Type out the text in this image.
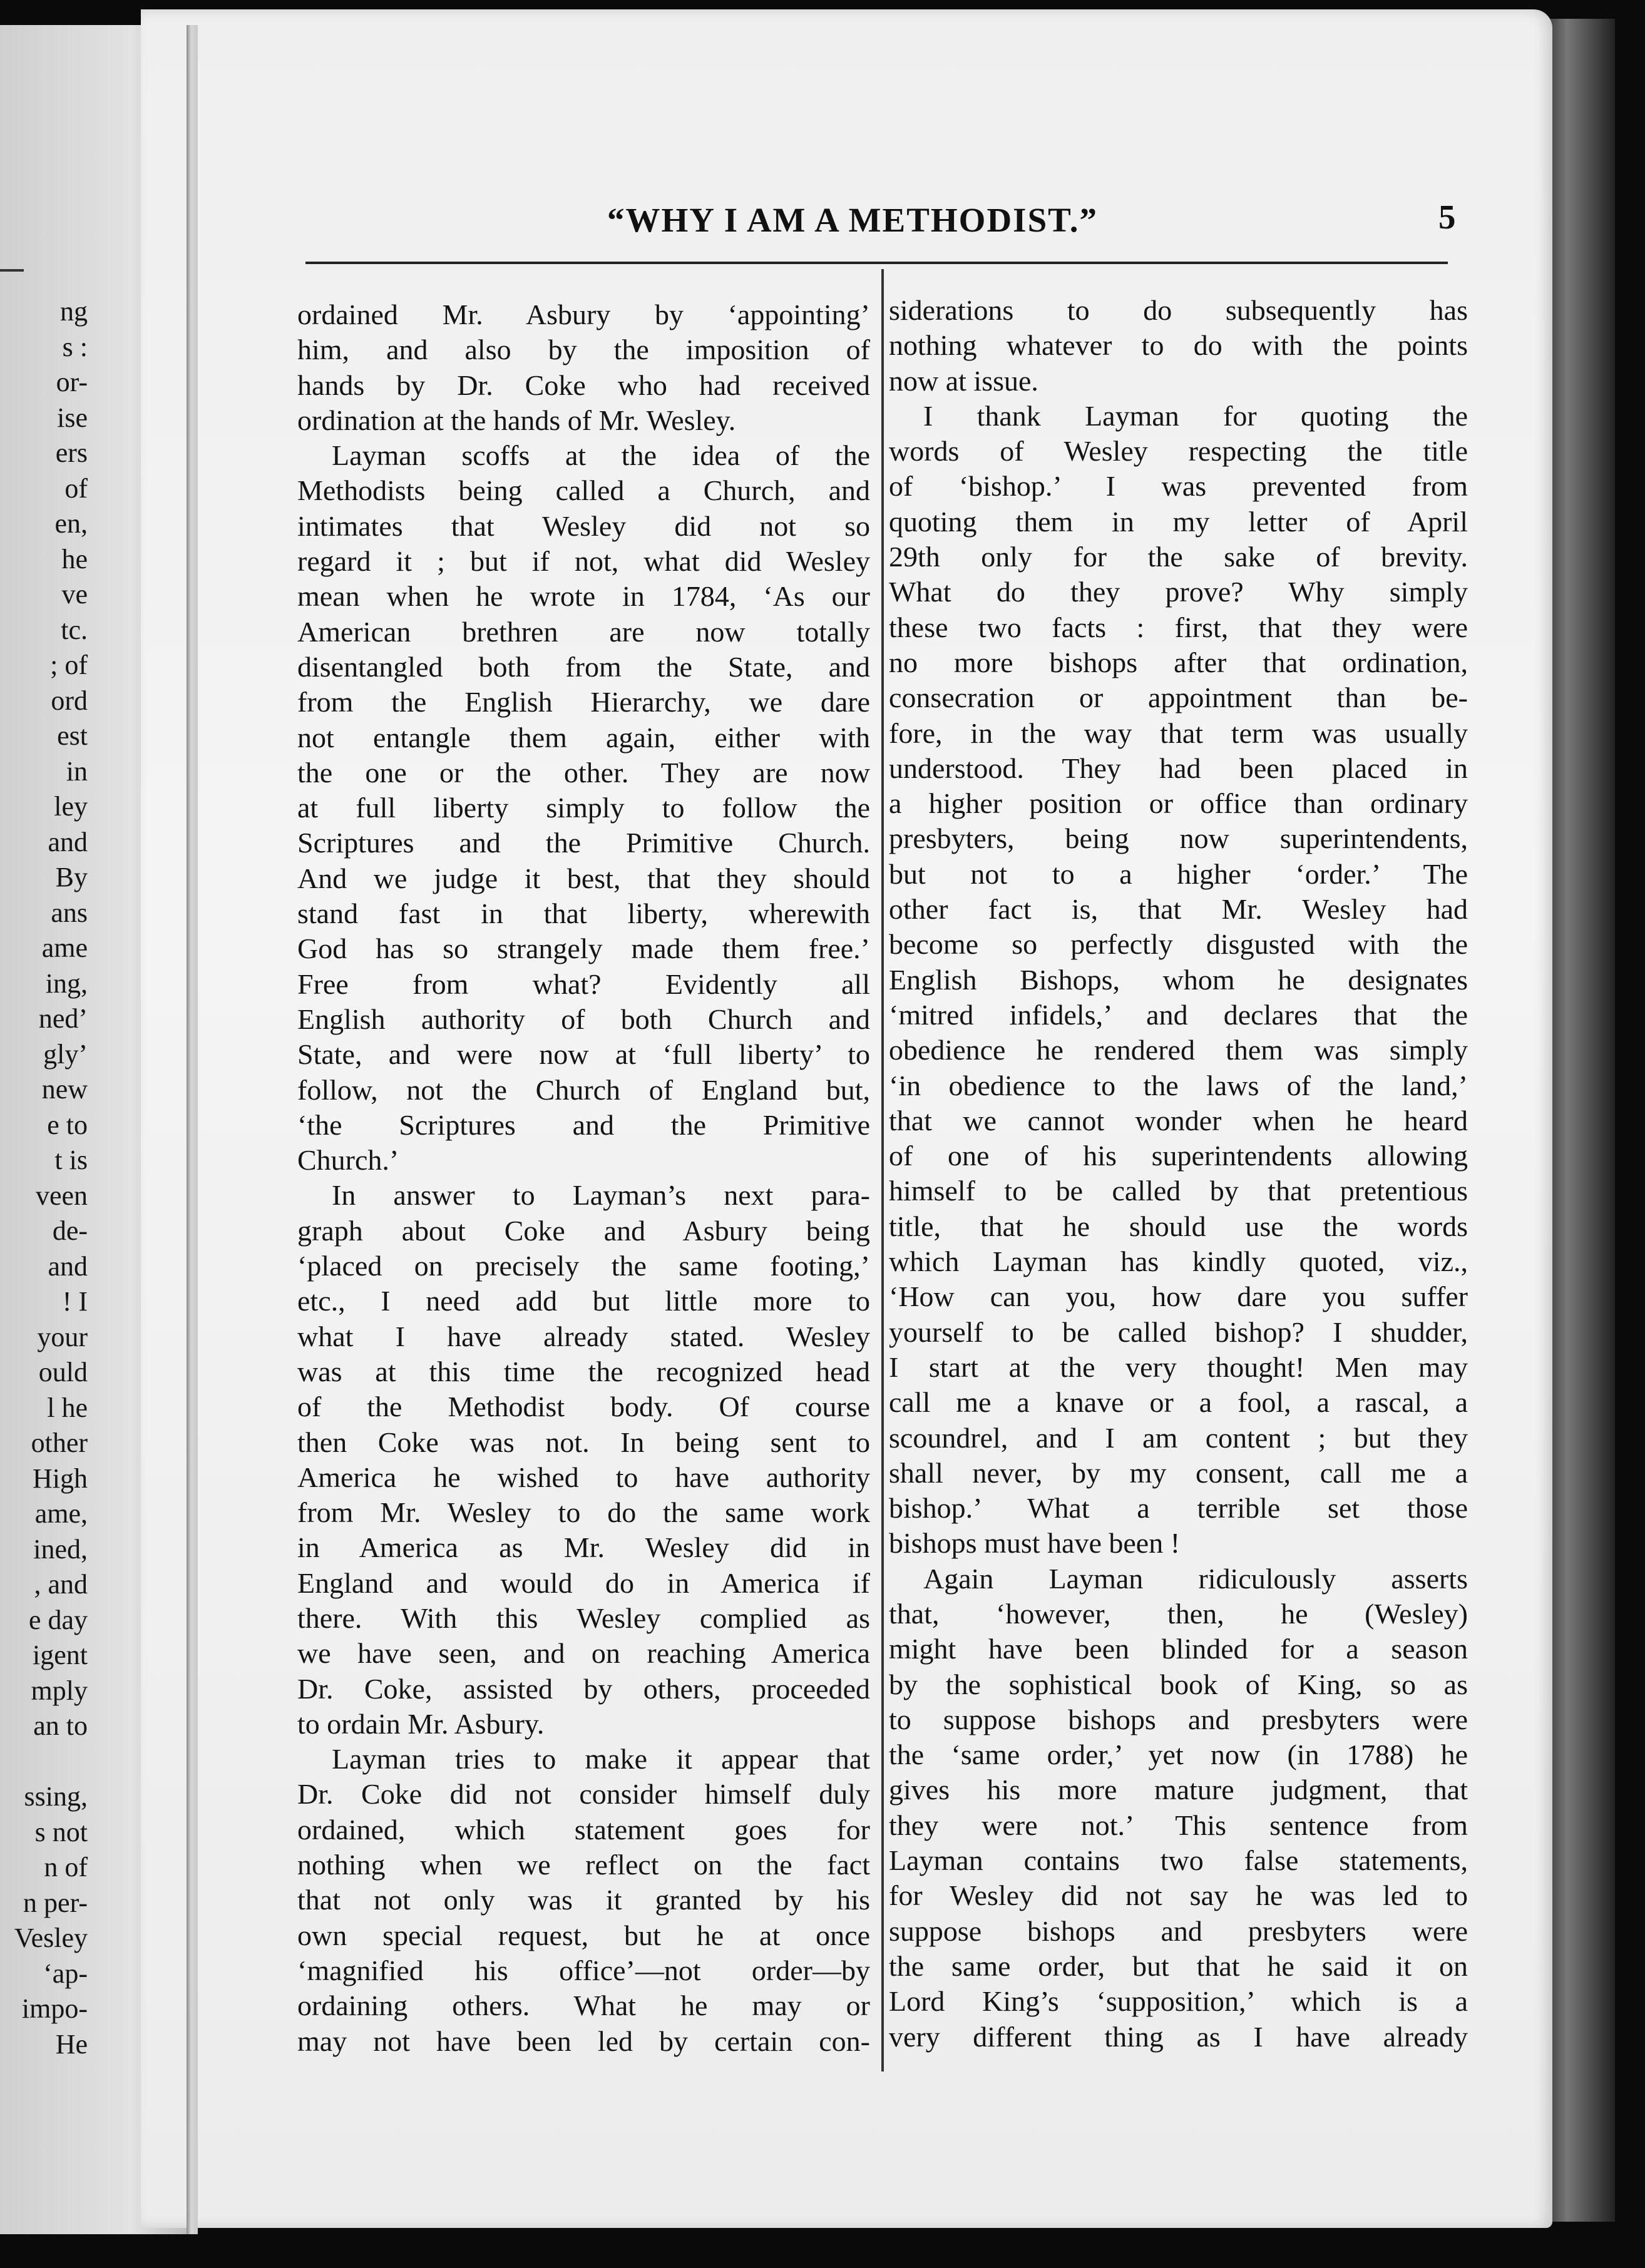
ng
s :
or-
ise
ers
of
en,
he
ve
tc.
; of
ord
est
in
ley
and
By
ans
ame
ing,
ned’
gly’
new
e to
t is
veen
de-
and
! I
your
ould
l he
other
High
ame,
ined,
, and
e day
igent
mply
an to

ssing,
s not
n of
n per-
Vesley
‘ap-
impo-
He
“WHY I AM A METHODIST.”	5
ordained Mr. Asbury by ‘appointing’
him, and also by the imposition of
hands by Dr. Coke who had received
ordination at the hands of Mr. Wesley.
Layman scoffs at the idea of the
Methodists being called a Church, and
intimates that Wesley did not so
regard it ; but if not, what did Wesley
mean when he wrote in 1784, ‘As our
American brethren are now totally
disentangled both from the State, and
from the English Hierarchy, we dare
not entangle them again, either with
the one or the other. They are now
at full liberty simply to follow the
Scriptures and the Primitive Church.
And we judge it best, that they should
stand fast in that liberty, wherewith
God has so strangely made them free.’
Free from what? Evidently all
English authority of both Church and
State, and were now at ‘full liberty’ to
follow, not the Church of England but,
‘the Scriptures and the Primitive
Church.’
In answer to Layman’s next para-
graph about Coke and Asbury being
‘placed on precisely the same footing,’
etc., I need add but little more to
what I have already stated. Wesley
was at this time the recognized head
of the Methodist body. Of course
then Coke was not. In being sent to
America he wished to have authority
from Mr. Wesley to do the same work
in America as Mr. Wesley did in
England and would do in America if
there. With this Wesley complied as
we have seen, and on reaching America
Dr. Coke, assisted by others, proceeded
to ordain Mr. Asbury.
Layman tries to make it appear that
Dr. Coke did not consider himself duly
ordained, which statement goes for
nothing when we reflect on the fact
that not only was it granted by his
own special request, but he at once
‘magnified his office’—not order—by
ordaining others. What he may or
may not have been led by certain con-
siderations to do subsequently has
nothing whatever to do with the points
now at issue.
I thank Layman for quoting the
words of Wesley respecting the title
of ‘bishop.’ I was prevented from
quoting them in my letter of April
29th only for the sake of brevity.
What do they prove? Why simply
these two facts : first, that they were
no more bishops after that ordination,
consecration or appointment than be-
fore, in the way that term was usually
understood. They had been placed in
a higher position or office than ordinary
presbyters, being now superintendents,
but not to a higher ‘order.’ The
other fact is, that Mr. Wesley had
become so perfectly disgusted with the
English Bishops, whom he designates
‘mitred infidels,’ and declares that the
obedience he rendered them was simply
‘in obedience to the laws of the land,’
that we cannot wonder when he heard
of one of his superintendents allowing
himself to be called by that pretentious
title, that he should use the words
which Layman has kindly quoted, viz.,
‘How can you, how dare you suffer
yourself to be called bishop? I shudder,
I start at the very thought! Men may
call me a knave or a fool, a rascal, a
scoundrel, and I am content ; but they
shall never, by my consent, call me a
bishop.’ What a terrible set those
bishops must have been !
Again Layman ridiculously asserts
that, ‘however, then, he (Wesley)
might have been blinded for a season
by the sophistical book of King, so as
to suppose bishops and presbyters were
the ‘same order,’ yet now (in 1788) he
gives his more mature judgment, that
they were not.’ This sentence from
Layman contains two false statements,
for Wesley did not say he was led to
suppose bishops and presbyters were
the same order, but that he said it on
Lord King’s ‘supposition,’ which is a
very different thing as I have already
